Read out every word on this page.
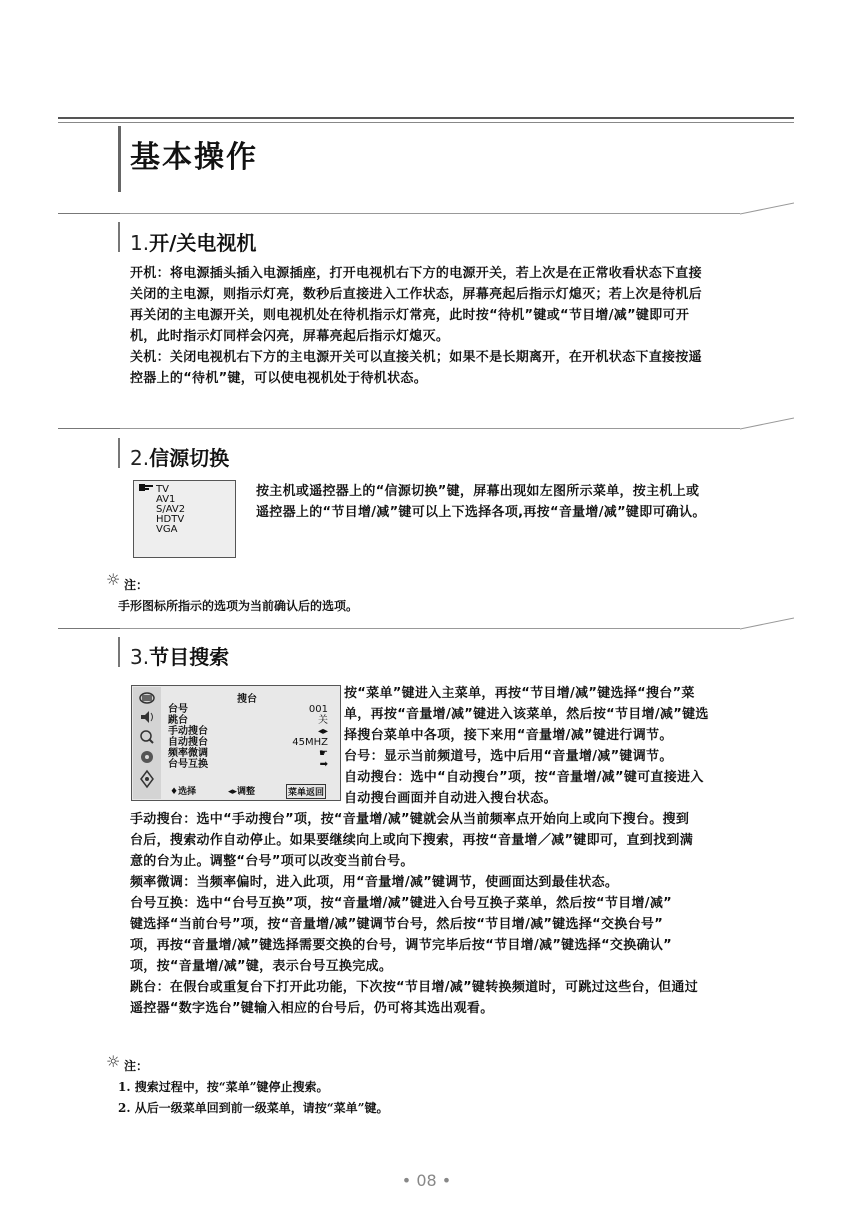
基本操作
1.开/关电视机
开机：将电源插头插入电源插座，打开电视机右下方的电源开关，若上次是在正常收看状态下直接
关闭的主电源，则指示灯亮，数秒后直接进入工作状态，屏幕亮起后指示灯熄灭；若上次是待机后
再关闭的主电源开关，则电视机处在待机指示灯常亮，此时按“待机”键或“节目增/减”键即可开
机，此时指示灯同样会闪亮，屏幕亮起后指示灯熄灭。
关机：关闭电视机右下方的主电源开关可以直接关机；如果不是长期离开，在开机状态下直接按遥
控器上的“待机”键，可以使电视机处于待机状态。
2.信源切换
TV
AV1
S/AV2
HDTV
VGA
按主机或遥控器上的“信源切换”键，屏幕出现如左图所示菜单，按主机上或
遥控器上的“节目增/减”键可以上下选择各项,再按“音量增/减”键即可确认。
☼ 注：
手形图标所指示的选项为当前确认后的选项。
3.节目搜索
搜台
台号	001
跳台	关
手动搜台	◂▸
自动搜台	45MHZ
频率微调	☛
台号互换	➡
♦选择	◂▸调整	菜单返回
按“菜单”键进入主菜单，再按“节目增/减”键选择“搜台”菜
单，再按“音量增/减”键进入该菜单，然后按“节目增/减”键选
择搜台菜单中各项，接下来用“音量增/减”键进行调节。
台号：显示当前频道号，选中后用“音量增/减”键调节。
自动搜台：选中“自动搜台”项，按“音量增/减”键可直接进入
自动搜台画面并自动进入搜台状态。
手动搜台：选中“手动搜台”项，按“音量增/减”键就会从当前频率点开始向上或向下搜台。搜到
台后，搜索动作自动停止。如果要继续向上或向下搜索，再按“音量增／减”键即可，直到找到满
意的台为止。调整“台号”项可以改变当前台号。
频率微调：当频率偏时，进入此项，用“音量增/减”键调节，使画面达到最佳状态。
台号互换：选中“台号互换”项，按“音量增/减”键进入台号互换子菜单，然后按“节目增/减”
键选择“当前台号”项，按“音量增/减”键调节台号，然后按“节目增/减”键选择“交换台号”
项，再按“音量增/减”键选择需要交换的台号，调节完毕后按“节目增/减”键选择“交换确认”
项，按“音量增/减”键，表示台号互换完成。
跳台：在假台或重复台下打开此功能，下次按“节目增/减”键转换频道时，可跳过这些台，但通过
遥控器“数字选台”键输入相应的台号后，仍可将其选出观看。
☼ 注：
1. 搜索过程中，按“菜单”键停止搜索。
2. 从后一级菜单回到前一级菜单，请按“菜单”键。
• 08 •
